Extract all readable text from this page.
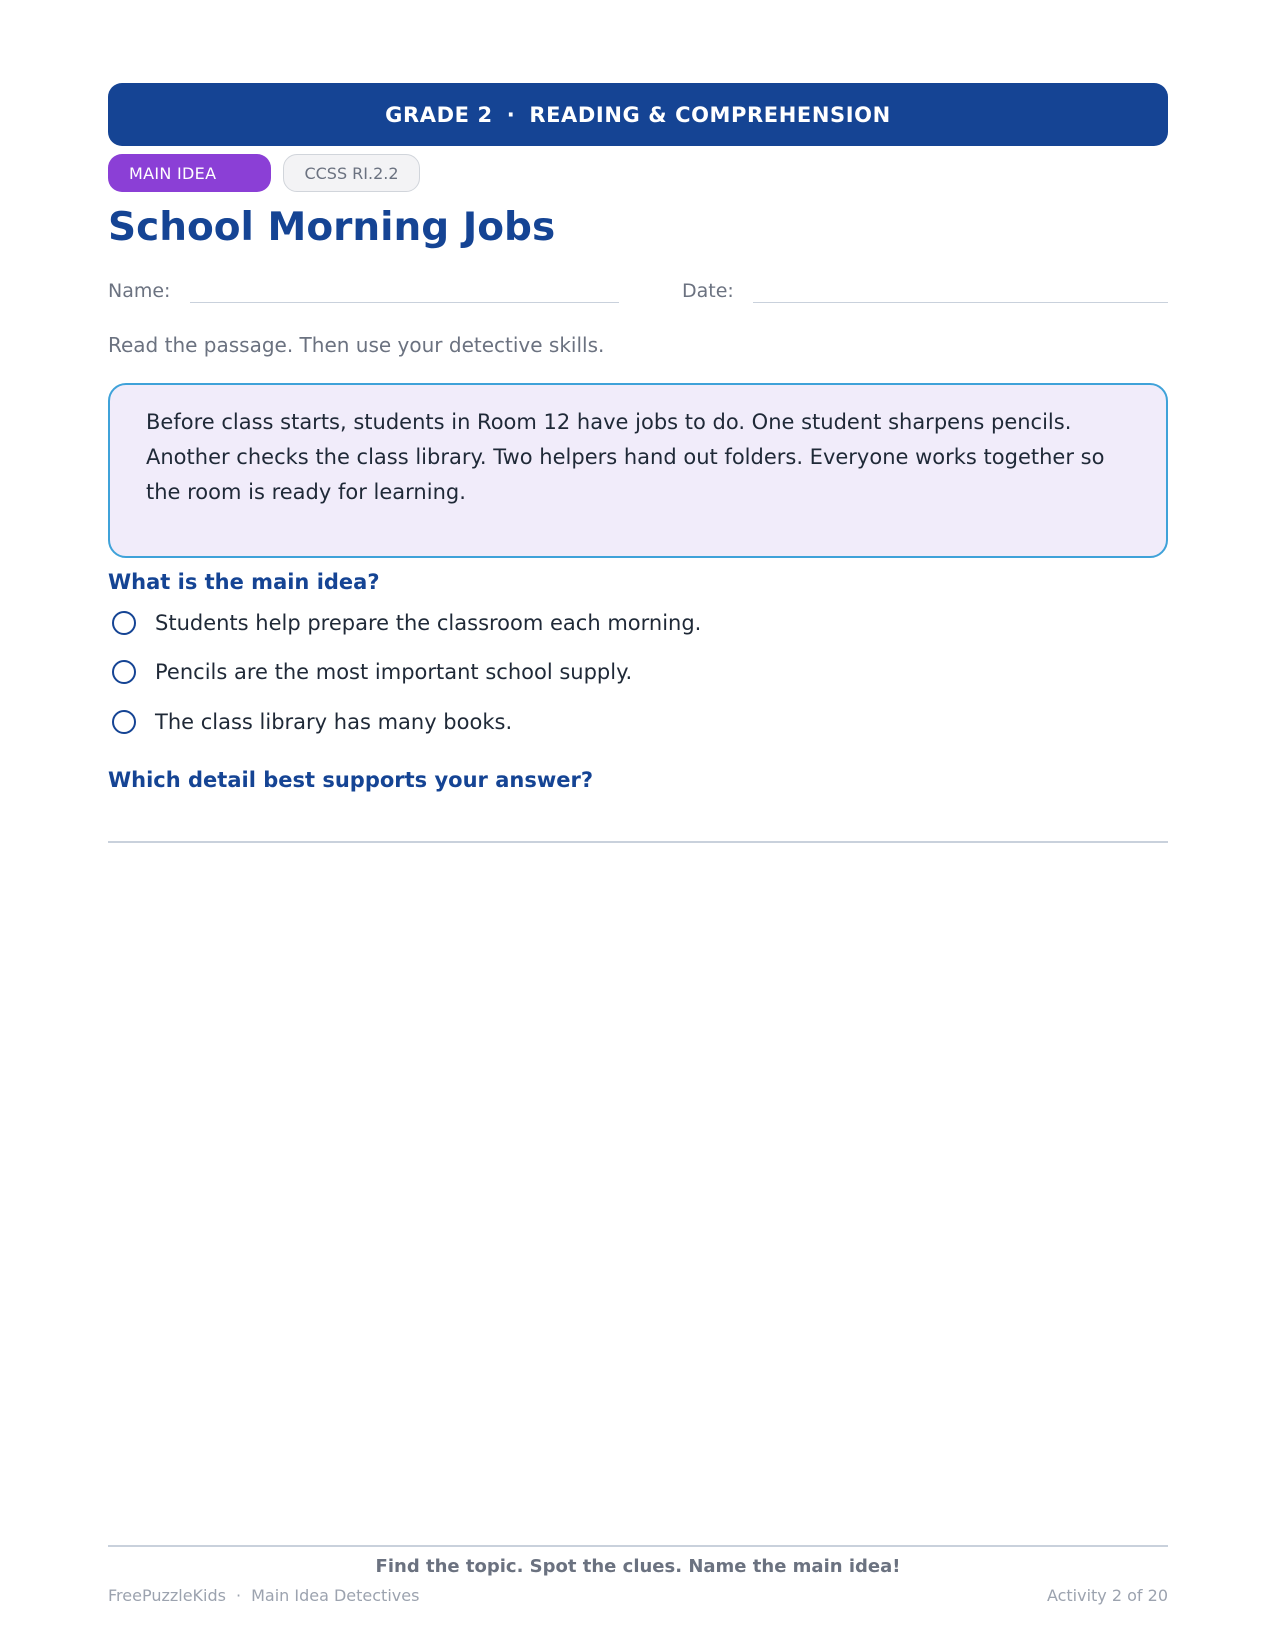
GRADE 2 · READING & COMPREHENSION
MAIN IDEA	CCSS RI.2.2
School Morning Jobs
Name:	Date:
Read the passage. Then use your detective skills.
Before class starts, students in Room 12 have jobs to do. One student sharpens pencils. Another checks the class library. Two helpers hand out folders. Everyone works together so the room is ready for learning.
What is the main idea?
Students help prepare the classroom each morning.
Pencils are the most important school supply.
The class library has many books.
Which detail best supports your answer?
Find the topic. Spot the clues. Name the main idea!
FreePuzzleKids · Main Idea Detectives	Activity 2 of 20
